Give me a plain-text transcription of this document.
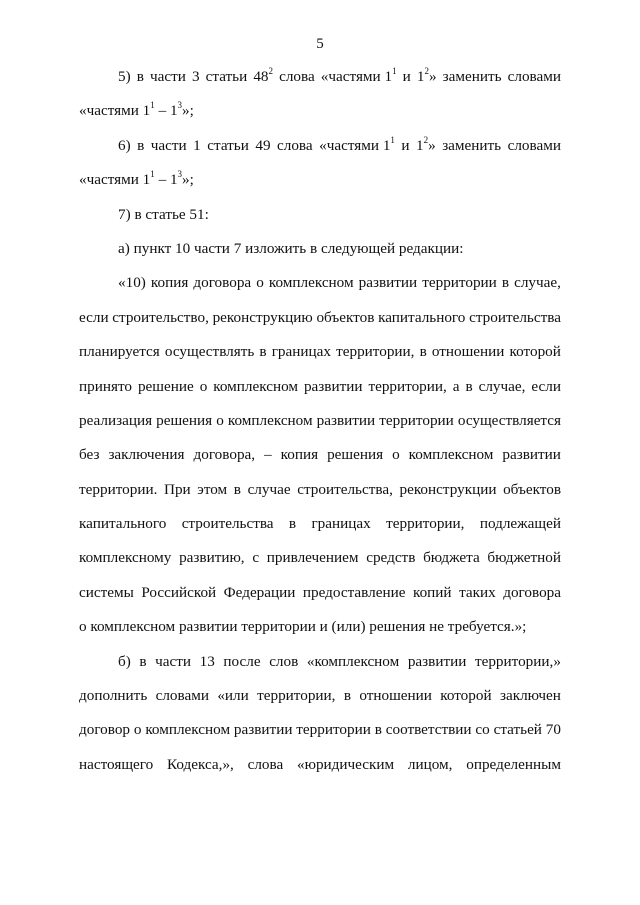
5
5) в части 3 статьи $48^2$ слова «частями $1^1$ и $1^2$» заменить словами
«частями $1^1 - 1^3$»;
6) в части 1 статьи 49 слова «частями $1^1$ и $1^2$» заменить словами
«частями $1^1 - 1^3$»;
7) в статье 51:
а) пункт 10 части 7 изложить в следующей редакции:
«10) копия договора о комплексном развитии территории в случае,
если строительство, реконструкцию объектов капитального строительства
планируется осуществлять в границах территории, в отношении которой
принято решение о комплексном развитии территории, а в случае, если
реализация решения о комплексном развитии территории осуществляется
без заключения договора, – копия решения о комплексном развитии
территории. При этом в случае строительства, реконструкции объектов
капитального строительства в границах территории, подлежащей
комплексному развитию, с привлечением средств бюджета бюджетной
системы Российской Федерации предоставление копий таких договора
о комплексном развитии территории и (или) решения не требуется.»;
б) в части 13 после слов «комплексном развитии территории,»
дополнить словами «или территории, в отношении которой заключен
договор о комплексном развитии территории в соответствии со статьей 70
настоящего Кодекса,», слова «юридическим лицом, определенным
